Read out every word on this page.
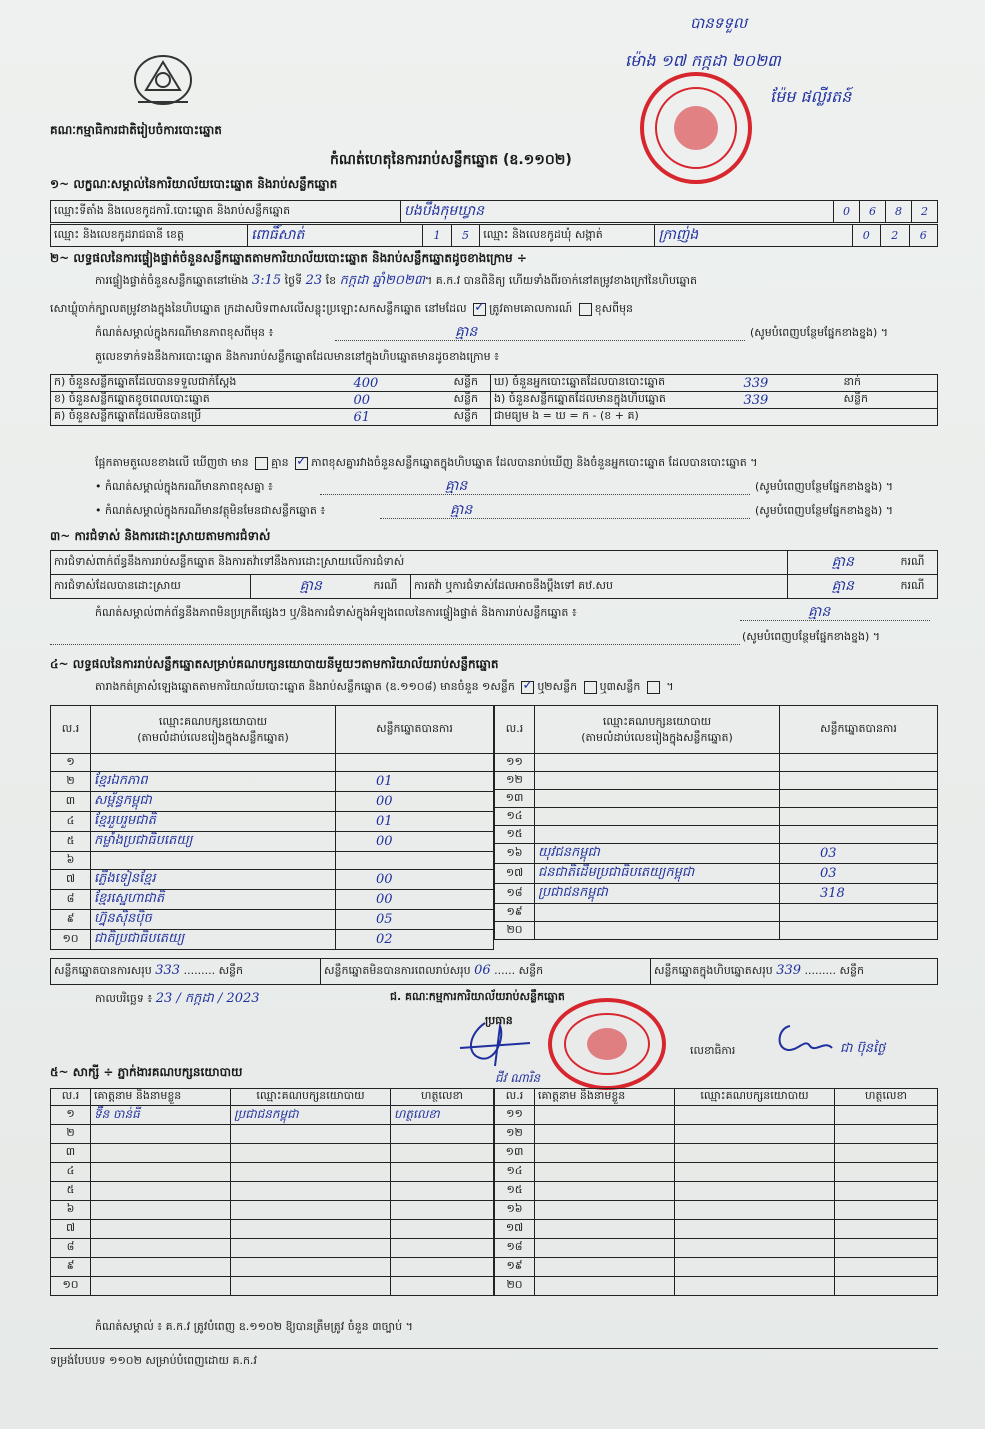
គណៈកម្មាធិការជាតិរៀបចំការបោះឆ្នោត
បានទទួល
ម៉ោង ១៧ កក្កដា ២០២៣
ម៉ែម ផល្លីរតន៍
កំណត់ហេតុនៃការរាប់សន្លឹកឆ្នោត (ឧ.១១០២)
១~ លក្ខណៈសម្គាល់នៃការិយាល័យបោះឆ្នោត និងរាប់សន្លឹកឆ្នោត
ឈ្មោះទីតាំង និងលេខកូដការិ.បោះឆ្នោត និងរាប់សន្លឹកឆ្នោត	បងបឹងកុមឃ្វាន	0	6	8	2
ឈ្មោះ និងលេខកូដរាជធានី ខេត្ត	ពោធិ៍សាត់	1	5	ឈ្មោះ និងលេខកូដឃុំ សង្កាត់	ក្រាញ់ង	0	2	6
២~ លទ្ធផលនៃការផ្ទៀងផ្ទាត់ចំនួនសន្លឹកឆ្នោតតាមការិយាល័យបោះឆ្នោត និងរាប់សន្លឹកឆ្នោតដូចខាងក្រោម ÷
ការផ្ទៀងផ្ទាត់ចំនួនសន្លឹកឆ្នោតនៅម៉ោង 3:15 ថ្ងៃទី 23 ខែ កក្កដា ឆ្នាំ២០២៣។ គ.ក.វ បានពិនិត្យ ហើយទាំងពីរចាក់នៅតម្រូវខាងក្រៅនៃហិបឆ្នោត
សោឃ្លុំចាក់ក្បាលតម្រូវខាងក្នុងនៃហិបឆ្នោត ក្រដាសបិទពាសលើសន្លុះប្រឡោះសកសន្លឹកឆ្នោត នៅមដែល ✓ ត្រូវតាមគោលការណ៍ ខុសពីមុន
កំណត់សម្គាល់ក្នុងករណីមានភាពខុសពីមុន ៖	គ្មាន	(សូមបំពេញបន្ថែមផ្នែកខាងខ្នង) ។
តួលេខទាក់ទងនឹងការបោះឆ្នោត និងការរាប់សន្លឹកឆ្នោតដែលមាននៅក្នុងហិបឆ្នោតមានដូចខាងក្រោម ៖
ក) ចំនួនសន្លឹកឆ្នោតដែលបានទទួលជាក់ស្តែង	400	សន្លឹក	ឃ) ចំនួនអ្នកបោះឆ្នោតដែលបានបោះឆ្នោត	339	នាក់
ខ) ចំនួនសន្លឹកឆ្នោតខូចពេលបោះឆ្នោត	00	សន្លឹក	ង) ចំនួនសន្លឹកឆ្នោតដែលមានក្នុងហិបឆ្នោត	339	សន្លឹក
គ) ចំនួនសន្លឹកឆ្នោតដែលមិនបានប្រើ	61	សន្លឹក	ជាមធ្យម ង = ឃ = ក - (ខ + គ)		
ផ្អែកតាមតួលេខខាងលើ ឃើញថា មាន គ្មាន ✓ ភាពខុសគ្នារវាងចំនួនសន្លឹកឆ្នោតក្នុងហិបឆ្នោត ដែលបានរាប់ឃើញ និងចំនួនអ្នកបោះឆ្នោត ដែលបានបោះឆ្នោត ។
• កំណត់សម្គាល់ក្នុងករណីមានភាពខុសគ្នា ៖	គ្មាន	(សូមបំពេញបន្ថែមផ្នែកខាងខ្នង) ។
• កំណត់សម្គាល់ក្នុងករណីមានវត្ថុមិនមែនជាសន្លឹកឆ្នោត ៖	គ្មាន	(សូមបំពេញបន្ថែមផ្នែកខាងខ្នង) ។
៣~ ការជំទាស់ និងការដោះស្រាយតាមការជំទាស់
ការជំទាស់ពាក់ព័ន្ធនឹងការរាប់សន្លឹកឆ្នោត និងការតវ៉ាទៅនឹងការដោះស្រាយលើការជំទាស់				គ្មាន	ករណី
ការជំទាស់ដែលបានដោះស្រាយ	គ្មាន	ករណី	ការតវ៉ា ឬការជំទាស់ដែលអាចនឹងប្តឹងទៅ គឋ.សប	គ្មាន	ករណី
កំណត់សម្គាល់ពាក់ព័ន្ធនឹងភាពមិនប្រក្រតីផ្សេងៗ ឬ/និងការជំទាស់ក្នុងអំឡុងពេលនៃការផ្ទៀងផ្ទាត់ និងការរាប់សន្លឹកឆ្នោត ៖	គ្មាន
(សូមបំពេញបន្ថែមផ្នែកខាងខ្នង) ។
៤~ លទ្ធផលនៃការរាប់សន្លឹកឆ្នោតសម្រាប់គណបក្សនយោបាយនីមួយៗតាមការិយាល័យរាប់សន្លឹកឆ្នោត
តារាងកត់ត្រាសំឡេងឆ្នោតតាមការិយាល័យបោះឆ្នោត និងរាប់សន្លឹកឆ្នោត (ឧ.១១០៨) មានចំនួន ១សន្លឹក ✓ ឬ២សន្លឹក ឬ៣សន្លឹក  ។
ល.រ	ឈ្មោះគណបក្សនយោបាយ
(តាមលំដាប់លេខរៀងក្នុងសន្លឹកឆ្នោត)	សន្លឹកឆ្នោតបានការ
១		
២	ខ្មែរឯកភាព	01
៣	សម្ព័ន្ធកម្ពុជា	00
៤	ខ្មែររួបរួមជាតិ	01
៥	កម្លាំងប្រជាធិបតេយ្យ	00
៦		
៧	ភ្លើងទៀនខ្មែរ	00
៨	ខ្មែរស្នេហាជាតិ	00
៩	ហ្វ៊ុនស៊ិនប៉ិច	05
១០	ជាតិប្រជាធិបតេយ្យ	02
ល.រ	ឈ្មោះគណបក្សនយោបាយ
(តាមលំដាប់លេខរៀងក្នុងសន្លឹកឆ្នោត)	សន្លឹកឆ្នោតបានការ
១១		
១២		
១៣		
១៤		
១៥		
១៦	យុវជនកម្ពុជា	03
១៧	ជនជាតិដើមប្រជាធិបតេយ្យកម្ពុជា	03
១៨	ប្រជាជនកម្ពុជា	318
១៩		
២០		
សន្លឹកឆ្នោតបានការសរុប 333 ......... សន្លឹក	សន្លឹកឆ្នោតមិនបានការពេលរាប់សរុប 06 ...... សន្លឹក	សន្លឹកឆ្នោតក្នុងហិបឆ្នោតសរុប 339 ......... សន្លឹក
កាលបរិច្ឆេទ ៖ 23 / កក្កដា / 2023	ជ. គណៈកម្មការការិយាល័យរាប់សន្លឹកឆ្នោត
ប្រធាន
ជីវ ណារិន
លេខាធិការ	ជា ប៊ុនថ្ងៃ
៥~ សាក្សី ÷ ភ្នាក់ងារគណបក្សនយោបាយ
ល.រ	គោត្តនាម និងនាមខ្លួន	ឈ្មោះគណបក្សនយោបាយ	ហត្ថលេខា
១	ទ៊ីន ចាន់ធី	ប្រជាជនកម្ពុជា	ហត្ថលេខា
២			
៣			
៤			
៥			
៦			
៧			
៨			
៩			
១០			
ល.រ	គោត្តនាម និងនាមខ្លួន	ឈ្មោះគណបក្សនយោបាយ	ហត្ថលេខា
១១			
១២			
១៣			
១៤			
១៥			
១៦			
១៧			
១៨			
១៩			
២០			
កំណត់សម្គាល់ ៖ គ.ក.វ ត្រូវបំពេញ ឧ.១១០២ ឱ្យបានត្រឹមត្រូវ ចំនួន ៣ច្បាប់ ។
ទម្រង់បែបបទ ១១០២ សម្រាប់បំពេញដោយ គ.ក.វ
